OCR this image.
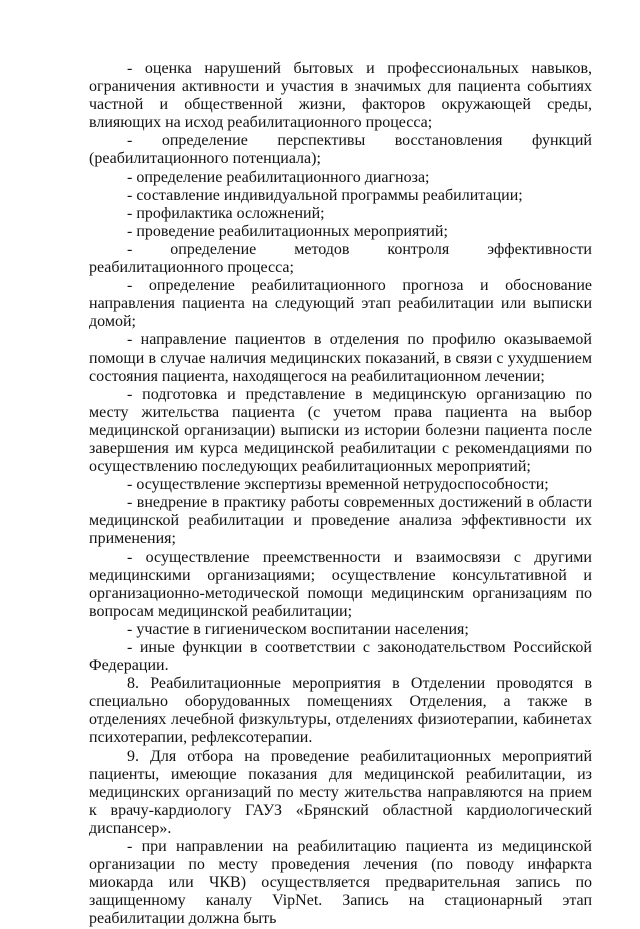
- оценка нарушений бытовых и профессиональных навыков, ограничения активности и участия в значимых для пациента событиях частной и общественной жизни, факторов окружающей среды, влияющих на исход реабилитационного процесса;

- определение перспективы восстановления функций (реабилитационного потенциала);

- определение реабилитационного диагноза;

- составление индивидуальной программы реабилитации;

- профилактика осложнений;

- проведение реабилитационных мероприятий;

- определение методов контроля эффективности реабилитационного процесса;

- определение реабилитационного прогноза и обоснование направления пациента на следующий этап реабилитации или выписки домой;

- направление пациентов в отделения по профилю оказываемой помощи в случае наличия медицинских показаний, в связи с ухудшением состояния пациента, находящегося на реабилитационном лечении;

- подготовка и представление в медицинскую организацию по месту жительства пациента (с учетом права пациента на выбор медицинской организации) выписки из истории болезни пациента после завершения им курса медицинской реабилитации с рекомендациями по осуществлению последующих реабилитационных мероприятий;

- осуществление экспертизы временной нетрудоспособности;

- внедрение в практику работы современных достижений в области медицинской реабилитации и проведение анализа эффективности их применения;

- осуществление преемственности и взаимосвязи с другими медицинскими организациями; осуществление консультативной и организационно-методической помощи медицинским организациям по вопросам медицинской реабилитации;

- участие в гигиеническом воспитании населения;

- иные функции в соответствии с законодательством Российской Федерации.

8. Реабилитационные мероприятия в Отделении проводятся в специально оборудованных помещениях Отделения, а также в отделениях лечебной физкультуры, отделениях физиотерапии, кабинетах психотерапии, рефлексотерапии.

9. Для отбора на проведение реабилитационных мероприятий пациенты, имеющие показания для медицинской реабилитации, из медицинских организаций по месту жительства направляются на прием к врачу-кардиологу ГАУЗ «Брянский областной кардиологический диспансер».

- при направлении на реабилитацию пациента из медицинской организации по месту проведения лечения (по поводу инфаркта миокарда или ЧКВ) осуществляется предварительная запись по защищенному каналу VipNet. Запись на стационарный этап реабилитации должна быть
